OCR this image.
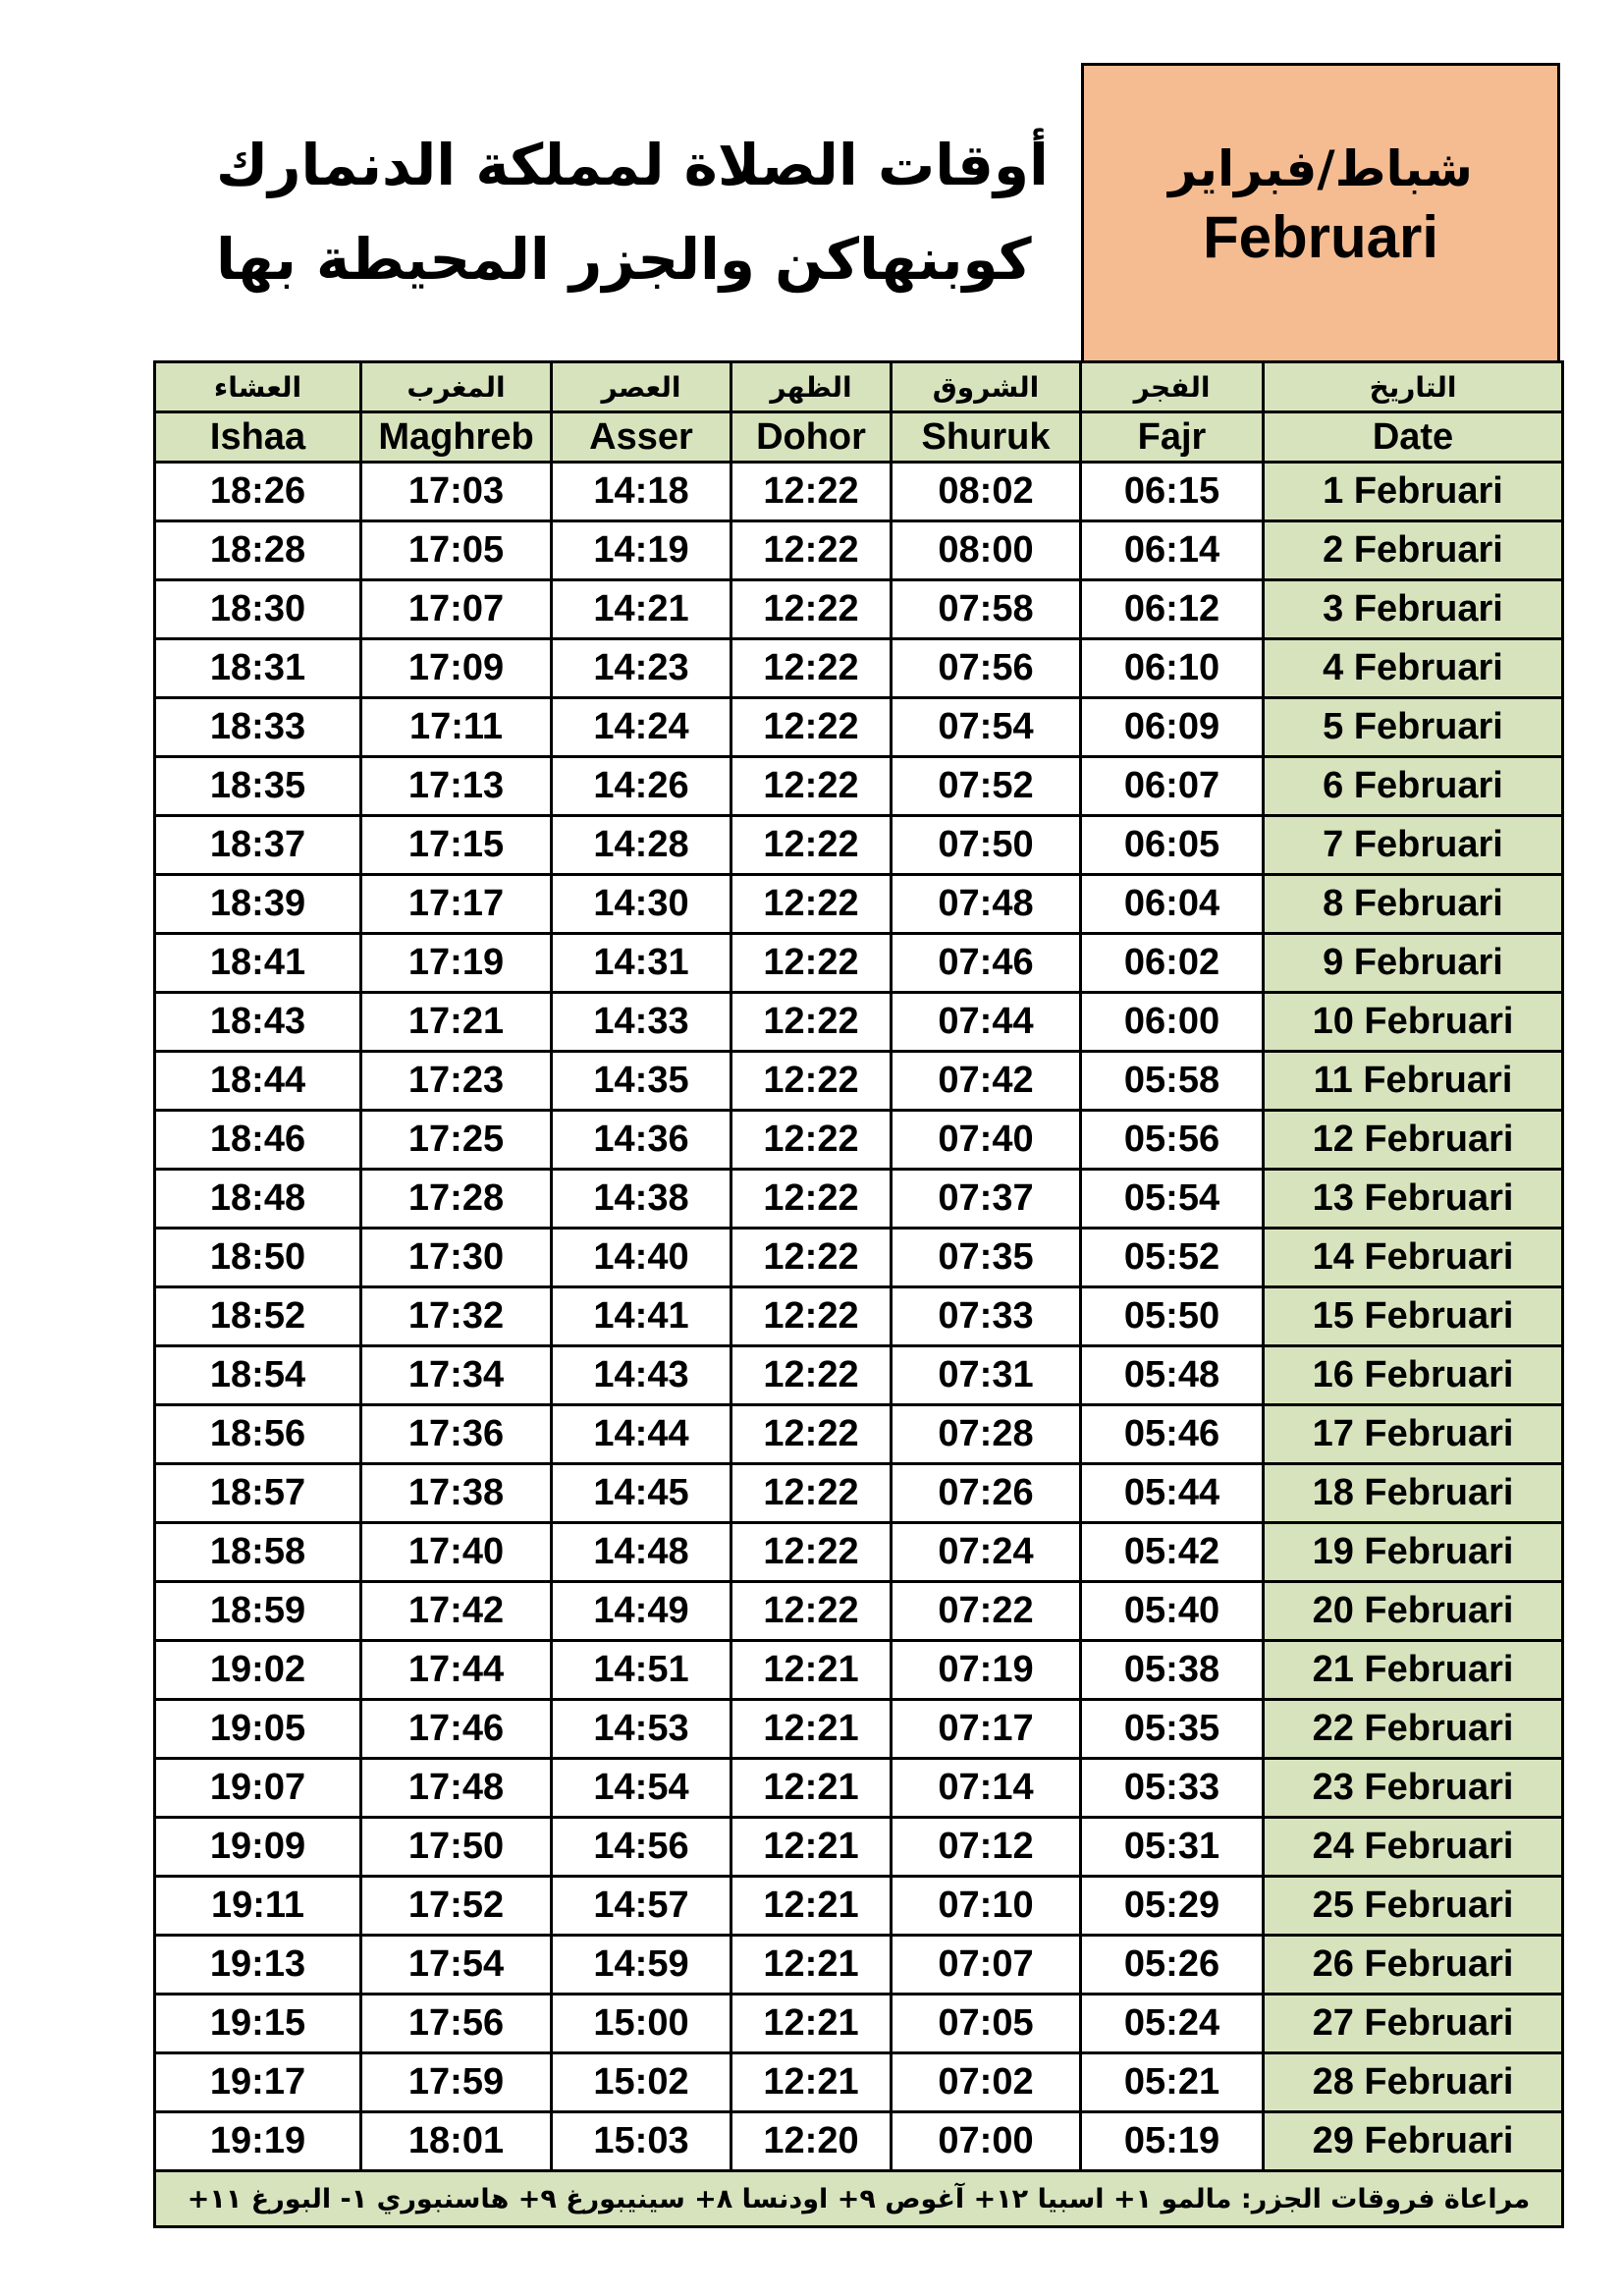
أوقات الصلاة لمملكة الدنمارك
كوبنهاكن والجزر المحيطة بها
شباط/فبراير
Februari
العشاء	المغرب	العصر	الظهر	الشروق	الفجر	التاريخ
Ishaa	Maghreb	Asser	Dohor	Shuruk	Fajr	Date
18:26	17:03	14:18	12:22	08:02	06:15	1 Februari
18:28	17:05	14:19	12:22	08:00	06:14	2 Februari
18:30	17:07	14:21	12:22	07:58	06:12	3 Februari
18:31	17:09	14:23	12:22	07:56	06:10	4 Februari
18:33	17:11	14:24	12:22	07:54	06:09	5 Februari
18:35	17:13	14:26	12:22	07:52	06:07	6 Februari
18:37	17:15	14:28	12:22	07:50	06:05	7 Februari
18:39	17:17	14:30	12:22	07:48	06:04	8 Februari
18:41	17:19	14:31	12:22	07:46	06:02	9 Februari
18:43	17:21	14:33	12:22	07:44	06:00	10 Februari
18:44	17:23	14:35	12:22	07:42	05:58	11 Februari
18:46	17:25	14:36	12:22	07:40	05:56	12 Februari
18:48	17:28	14:38	12:22	07:37	05:54	13 Februari
18:50	17:30	14:40	12:22	07:35	05:52	14 Februari
18:52	17:32	14:41	12:22	07:33	05:50	15 Februari
18:54	17:34	14:43	12:22	07:31	05:48	16 Februari
18:56	17:36	14:44	12:22	07:28	05:46	17 Februari
18:57	17:38	14:45	12:22	07:26	05:44	18 Februari
18:58	17:40	14:48	12:22	07:24	05:42	19 Februari
18:59	17:42	14:49	12:22	07:22	05:40	20 Februari
19:02	17:44	14:51	12:21	07:19	05:38	21 Februari
19:05	17:46	14:53	12:21	07:17	05:35	22 Februari
19:07	17:48	14:54	12:21	07:14	05:33	23 Februari
19:09	17:50	14:56	12:21	07:12	05:31	24 Februari
19:11	17:52	14:57	12:21	07:10	05:29	25 Februari
19:13	17:54	14:59	12:21	07:07	05:26	26 Februari
19:15	17:56	15:00	12:21	07:05	05:24	27 Februari
19:17	17:59	15:02	12:21	07:02	05:21	28 Februari
19:19	18:01	15:03	12:20	07:00	05:19	29 Februari
مراعاة فروقات الجزر: مالمو ١+ اسبيا ١٢+ آغوص ٩+ اودنسا ٨+ سينيبورغ ٩+ هاسنبوري ١- البورغ ١١+						
